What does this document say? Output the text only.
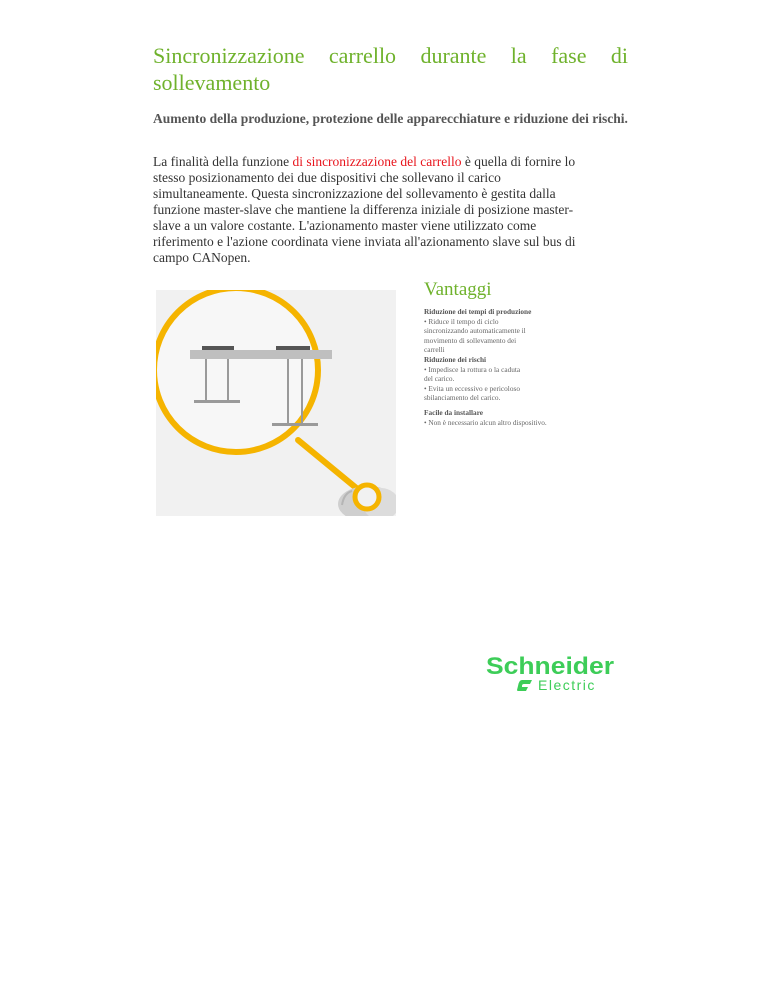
Sincronizzazione carrello durante la fase di sollevamento
Aumento della produzione, protezione delle apparecchiature e riduzione dei rischi.
La finalità della funzione di sincronizzazione del carrello è quella di fornire lo stesso posizionamento dei due dispositivi che sollevano il carico simultaneamente. Questa sincronizzazione del sollevamento è gestita dalla funzione master-slave che mantiene la differenza iniziale di posizione master-slave a un valore costante. L'azionamento master viene utilizzato come riferimento e l'azione coordinata viene inviata all'azionamento slave sul bus di campo CANopen.
Vantaggi
Riduzione dei tempi di produzione
• Riduce il tempo di ciclo
sincronizzando automaticamente il
movimento di sollevamento dei
carrelli
Riduzione dei rischi
• Impedisce la rottura o la caduta
del carico.
• Evita un eccessivo e pericoloso
sbilanciamento del carico.
Facile da installare
• Non è necessario alcun altro dispositivo.
Schneider
Electric
